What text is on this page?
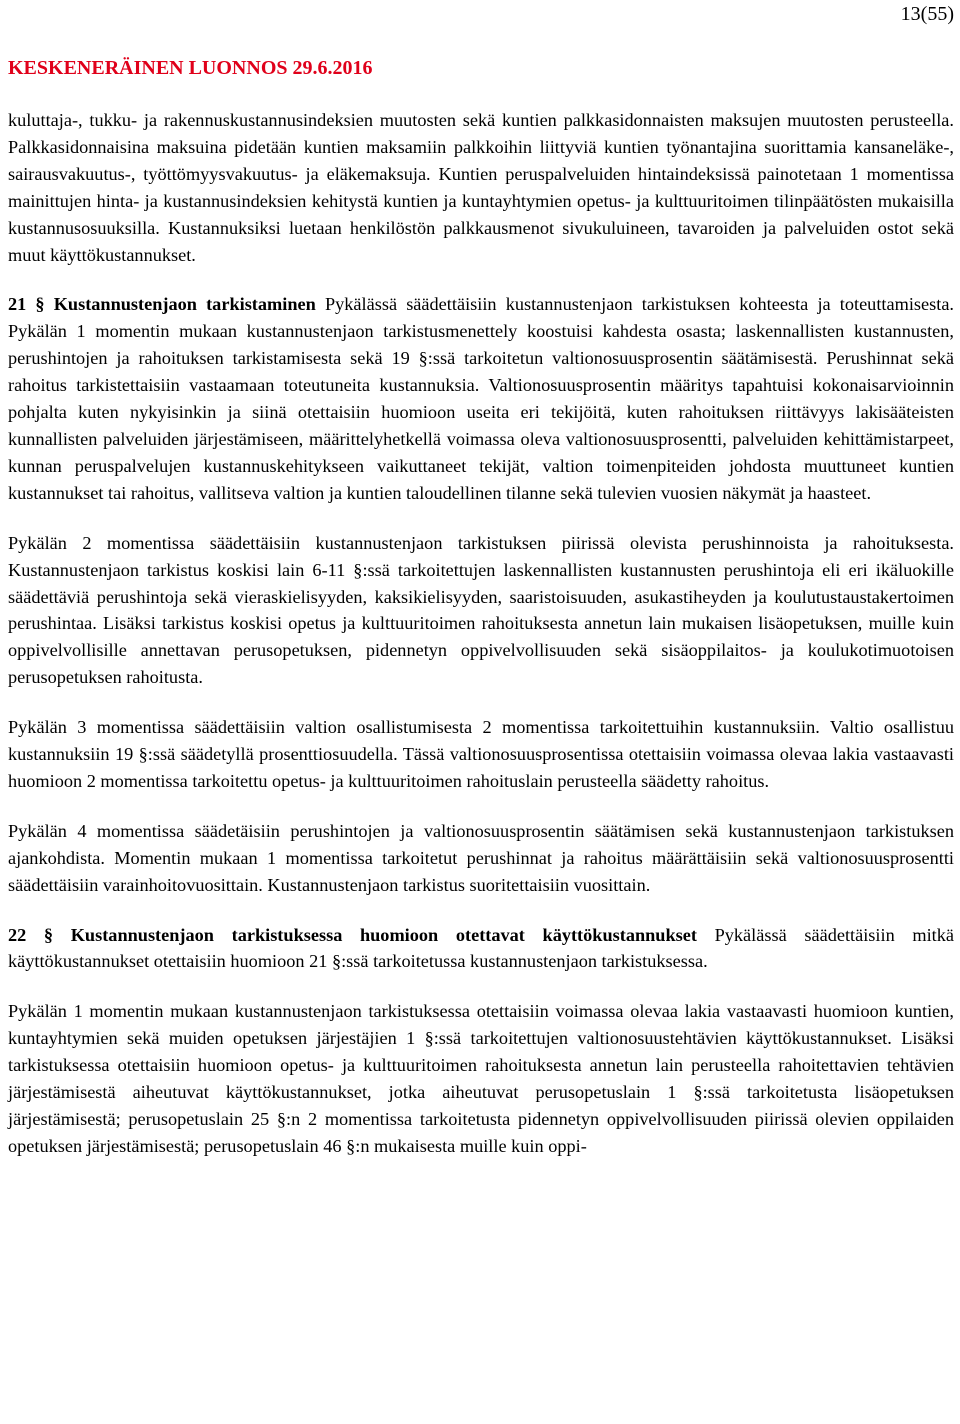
13(55)
KESKENERÄINEN LUONNOS 29.6.2016

kuluttaja-, tukku- ja rakennuskustannusindeksien muutosten sekä kuntien palkkasidonnaisten maksujen muutosten perusteella. Palkkasidonnaisina maksuina pidetään kuntien maksamiin palkkoihin liittyviä kuntien työnantajina suorittamia kansaneläke-, sairausvakuutus-, työttömyysvakuutus- ja eläkemaksuja. Kuntien peruspalveluiden hintaindeksissä painotetaan 1 momentissa mainittujen hinta- ja kustannusindeksien kehitystä kuntien ja kuntayhtymien opetus- ja kulttuuritoimen tilinpäätösten mukaisilla kustannusosuuksilla. Kustannuksiksi luetaan henkilöstön palkkausmenot sivukuluineen, tavaroiden ja palveluiden ostot sekä muut käyttökustannukset.

21 § Kustannustenjaon tarkistaminen Pykälässä säädettäisiin kustannustenjaon tarkistuksen kohteesta ja toteuttamisesta. Pykälän 1 momentin mukaan kustannustenjaon tarkistusmenettely koostuisi kahdesta osasta; laskennallisten kustannusten, perushintojen ja rahoituksen tarkistamisesta sekä 19 §:ssä tarkoitetun valtionosuusprosentin säätämisestä. Perushinnat sekä rahoitus tarkistettaisiin vastaamaan toteutuneita kustannuksia. Valtionosuusprosentin määritys tapahtuisi kokonaisarvioinnin pohjalta kuten nykyisinkin ja siinä otettaisiin huomioon useita eri tekijöitä, kuten rahoituksen riittävyys lakisääteisten kunnallisten palveluiden järjestämiseen, määrittelyhetkellä voimassa oleva valtionosuusprosentti, palveluiden kehittämistarpeet, kunnan peruspalvelujen kustannuskehitykseen vaikuttaneet tekijät, valtion toimenpiteiden johdosta muuttuneet kuntien kustannukset tai rahoitus, vallitseva valtion ja kuntien taloudellinen tilanne sekä tulevien vuosien näkymät ja haasteet.

Pykälän 2 momentissa säädettäisiin kustannustenjaon tarkistuksen piirissä olevista perushinnoista ja rahoituksesta. Kustannustenjaon tarkistus koskisi lain 6-11 §:ssä tarkoitettujen laskennallisten kustannusten perushintoja eli eri ikäluokille säädettäviä perushintoja sekä vieraskielisyyden, kaksikielisyyden, saaristoisuuden, asukastiheyden ja koulutustaustakertoimen perushintaa. Lisäksi tarkistus koskisi opetus ja kulttuuritoimen rahoituksesta annetun lain mukaisen lisäopetuksen, muille kuin oppivelvollisille annettavan perusopetuksen, pidennetyn oppivelvollisuuden sekä sisäoppilaitos- ja koulukotimuotoisen perusopetuksen rahoitusta.

Pykälän 3 momentissa säädettäisiin valtion osallistumisesta 2 momentissa tarkoitettuihin kustannuksiin. Valtio osallistuu kustannuksiin 19 §:ssä säädetyllä prosenttiosuudella. Tässä valtionosuusprosentissa otettaisiin voimassa olevaa lakia vastaavasti huomioon 2 momentissa tarkoitettu opetus- ja kulttuuritoimen rahoituslain perusteella säädetty rahoitus.

Pykälän 4 momentissa säädetäisiin perushintojen ja valtionosuusprosentin säätämisen sekä kustannustenjaon tarkistuksen ajankohdista. Momentin mukaan 1 momentissa tarkoitetut perushinnat ja rahoitus määrättäisiin sekä valtionosuusprosentti säädettäisiin varainhoitovuosittain. Kustannustenjaon tarkistus suoritettaisiin vuosittain.

22 § Kustannustenjaon tarkistuksessa huomioon otettavat käyttökustannukset Pykälässä säädettäisiin mitkä käyttökustannukset otettaisiin huomioon 21 §:ssä tarkoitetussa kustannustenjaon tarkistuksessa.

Pykälän 1 momentin mukaan kustannustenjaon tarkistuksessa otettaisiin voimassa olevaa lakia vastaavasti huomioon kuntien, kuntayhtymien sekä muiden opetuksen järjestäjien 1 §:ssä tarkoitettujen valtionosuustehtävien käyttökustannukset. Lisäksi tarkistuksessa otettaisiin huomioon opetus- ja kulttuuritoimen rahoituksesta annetun lain perusteella rahoitettavien tehtävien järjestämisestä aiheutuvat käyttökustannukset, jotka aiheutuvat perusopetuslain 1 §:ssä tarkoitetusta lisäopetuksen järjestämisestä; perusopetuslain 25 §:n 2 momentissa tarkoitetusta pidennetyn oppivelvollisuuden piirissä olevien oppilaiden opetuksen järjestämisestä; perusopetuslain 46 §:n mukaisesta muille kuin oppi-
